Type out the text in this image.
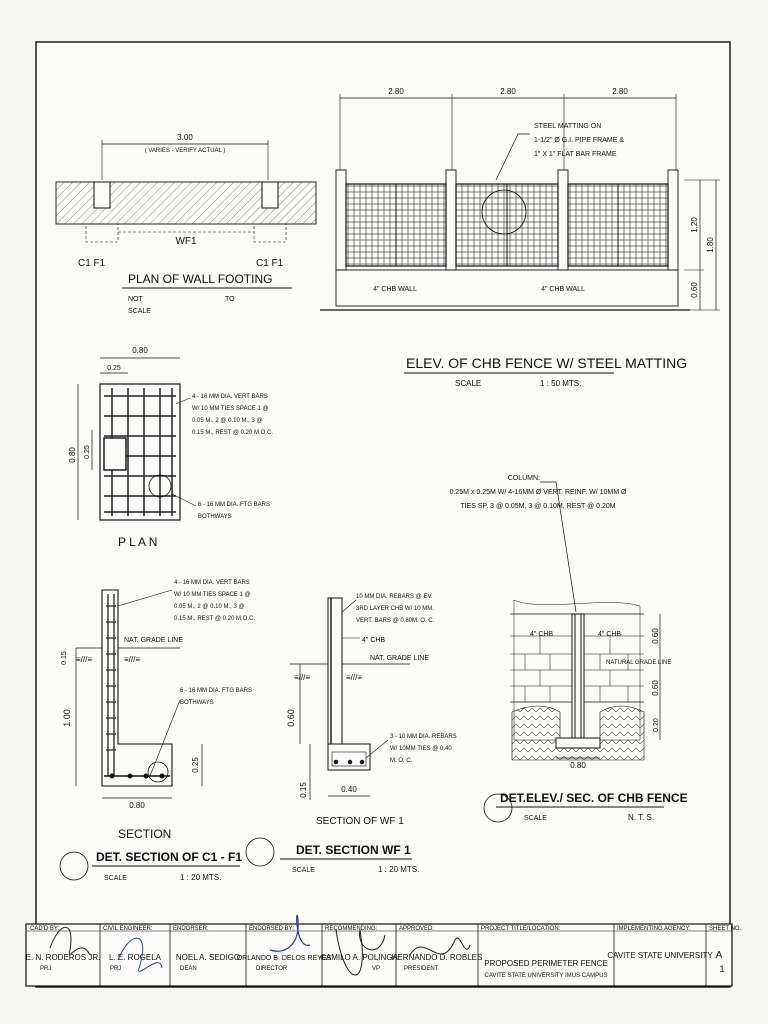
3.00
( VARIES - VERIFY ACTUAL )
WF1
C1 F1	C1 F1
PLAN OF WALL FOOTING
NOT
SCALE
TO
2.80	2.80	2.80
STEEL MATTING ON
1-1/2" Ø G.I. PIPE FRAME &
1" X 1" FLAT BAR FRAME
4" CHB WALL	4" CHB WALL
1.20
0.60
1.80
ELEV. OF CHB FENCE W/ STEEL MATTING
SCALE	1 : 50 MTS.
0.80
0.25
0.80 0.25
4 - 16 MM DIA. VERT BARS
W/ 10 MM TIES SPACE 1 @
0.05 M., 2 @ 0.10 M., 3 @
0.15 M., REST @ 0.20 M.O.C.
6 - 16 MM DIA. FTG BARS
BOTHWAYS
P L A N
COLUMN:
0.25M x 0.25M W/ 4-16MM Ø VERT. REINF. W/ 10MM Ø
TIES SP. 3 @ 0.05M, 3 @ 0.10M, REST @ 0.20M
NAT. GRADE LINE
≡///≡	≡///≡
4 - 16 MM DIA. VERT BARS
W/ 10 MM TIES SPACE 1 @
0.05 M., 2 @ 0.10 M., 3 @
0.15 M., REST @ 0.20 M.O.C.
6 - 16 MM DIA. FTG BARS
BOTHWAYS
1.00
0.15
0.25
0.80
SECTION
DET. SECTION OF C1 - F1
SCALE	1 : 20 MTS.
10 MM DIA. REBARS @ EV.
3RD LAYER CHB W/ 10 MM.
VERT. BARS @ 0.80M. O. C.
4" CHB
NAT. GRADE LINE
≡///≡	≡///≡
3 - 10 MM DIA. REBARS
W/ 10MM TIES @ 0.40
M. O. C.
0.60
0.15	0.40
SECTION OF WF 1
DET. SECTION WF 1
SCALE	1 : 20 MTS.
4" CHB	4" CHB
NATURAL GRADE LINE
0.80
0.60
0.60
0.20
DET.ELEV./ SEC. OF CHB FENCE
SCALE	N. T. S.
CAD'D BY:
E. N. RODEROS JR.
PRJ
CIVIL ENGINEER:
L. E. ROGELA
PRJ
ENDORSER:
NOEL A. SEDIGO
DEAN
ENDORSED BY:
ORLANDO B. DELOS REYES
DIRECTOR
RECOMMENDING:
CAMILO A. POLINGA
VP
APPROVED:
HERNANDO D. ROBLES
PRESIDENT
PROJECT TITLE/LOCATION:
PROPOSED PERIMETER FENCE
CAVITE STATE UNIVERSITY IMUS CAMPUS
IMPLEMENTING AGENCY:
CAVITE STATE UNIVERSITY
SHEET NO.
A
1
